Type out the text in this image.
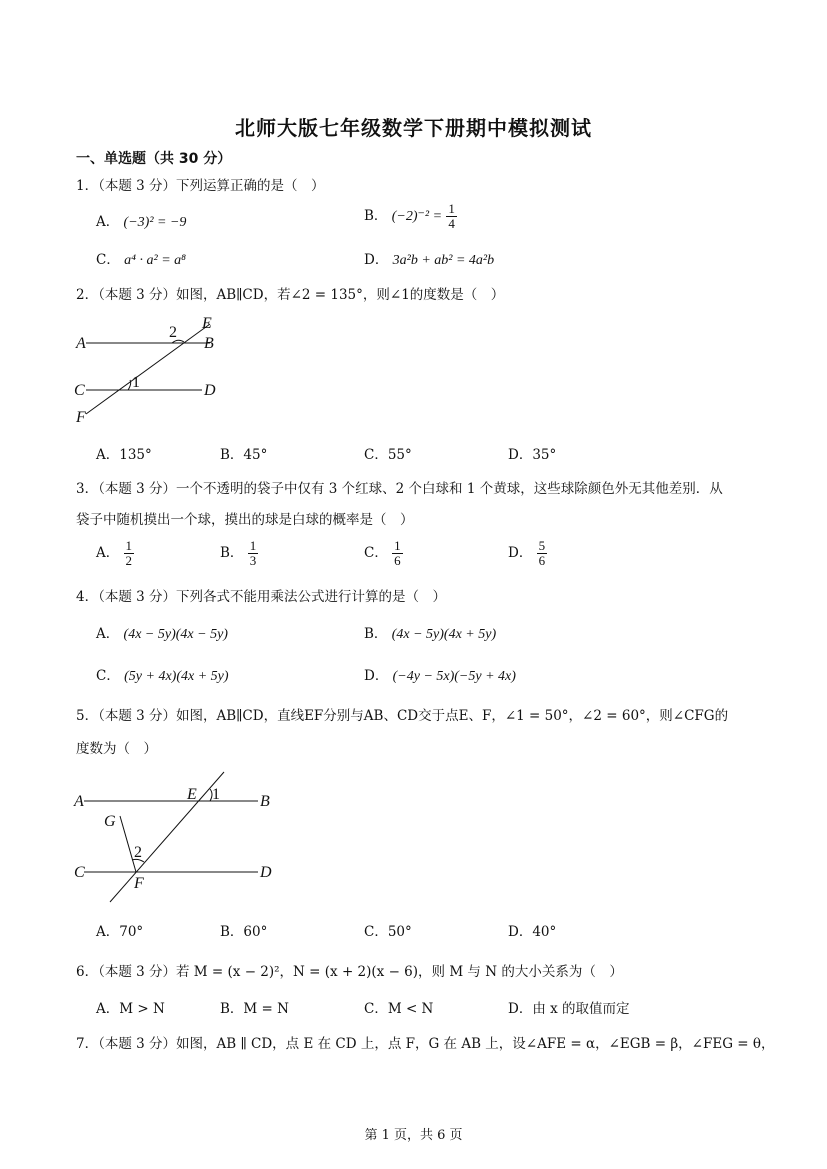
北师大版七年级数学下册期中模拟测试
一、单选题（共 30 分）
1．（本题 3 分）下列运算正确的是（　）
A． (−3)² = −9	B． $(-2)^{-2} = \frac{1}{4}$
C． a⁴ · a² = a⁸	D． 3a²b + ab² = 4a²b
2．（本题 3 分）如图，AB∥CD，若∠2 = 135°，则∠1的度数是（　）
E
A	B
C	D
F
1
2
A．135°	B．45°	C．55°	D．35°
3．（本题 3 分）一个不透明的袋子中仅有 3 个红球、2 个白球和 1 个黄球，这些球除颜色外无其他差别．从
袋子中随机摸出一个球，摸出的球是白球的概率是（　）
A． $\frac{1}{2}$	B． $\frac{1}{3}$	C． $\frac{1}{6}$	D． $\frac{5}{6}$
4．（本题 3 分）下列各式不能用乘法公式进行计算的是（　）
A． (4x − 5y)(4x − 5y)	B． (4x − 5y)(4x + 5y)
C． (5y + 4x)(4x + 5y)	D． (−4y − 5x)(−5y + 4x)
5．（本题 3 分）如图，AB∥CD，直线EF分别与AB、CD交于点E、F，∠1 = 50°，∠2 = 60°，则∠CFG的
度数为（　）
A	B
C	D
E
F
G
1
2
A．70°	B．60°	C．50°	D．40°
6．（本题 3 分）若 M = (x − 2)²，N = (x + 2)(x − 6)，则 M 与 N 的大小关系为（　）
A．M > N	B．M = N	C．M < N	D．由 x 的取值而定
7．（本题 3 分）如图，AB ∥ CD，点 E 在 CD 上，点 F，G 在 AB 上，设∠AFE = α，∠EGB = β，∠FEG = θ，
第 1 页，共 6 页
